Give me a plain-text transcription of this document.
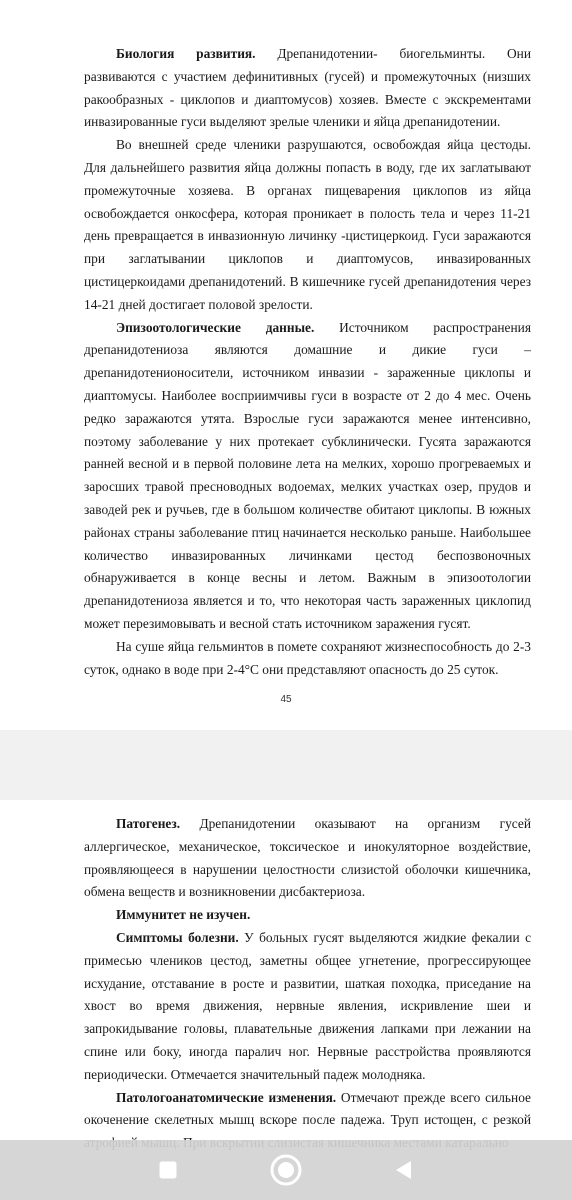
Биология развития. Дрепанидотении- биогельминты. Они развиваются с участием дефинитивных (гусей) и промежуточных (низших ракообразных - циклопов и диаптомусов) хозяев. Вместе с экскрементами инвазированные гуси выделяют зрелые членики и яйца дрепанидотении.

Во внешней среде членики разрушаются, освобождая яйца цестоды. Для дальнейшего развития яйца должны попасть в воду, где их заглатывают промежуточные хозяева. В органах пищеварения циклопов из яйца освобождается онкосфера, которая проникает в полость тела и через 11-21 день превращается в инвазионную личинку -цистицеркоид. Гуси заражаются при заглатывании циклопов и диаптомусов, инвазированных цистицеркоидами дрепанидотений. В кишечнике гусей дрепанидотения через 14-21 дней достигает половой зрелости.

Эпизоотологические данные. Источником распространения дрепанидотениоза являются домашние и дикие гуси – дрепанидотенионосители, источником инвазии - зараженные циклопы и диаптомусы. Наиболее восприимчивы гуси в возрасте от 2 до 4 мес. Очень редко заражаются утята. Взрослые гуси заражаются менее интенсивно, поэтому заболевание у них протекает субклинически. Гусята заражаются ранней весной и в первой половине лета на мелких, хорошо прогреваемых и заросших травой пресноводных водоемах, мелких участках озер, прудов и заводей рек и ручьев, где в большом количестве обитают циклопы. В южных районах страны заболевание птиц начинается несколько раньше. Наибольшее количество инвазированных личинками цестод беспозвоночных обнаруживается в конце весны и летом. Важным в эпизоотологии дрепанидотениоза является и то, что некоторая часть зараженных циклопид может перезимовывать и весной стать источником заражения гусят.

На суше яйца гельминтов в помете сохраняют жизнеспособность до 2-3 суток, однако в воде при 2-4°С они представляют опасность до 25 суток.

45

Патогенез. Дрепанидотении оказывают на организм гусей аллергическое, механическое, токсическое и инокуляторное воздействие, проявляющееся в нарушении целостности слизистой оболочки кишечника, обмена веществ и возникновении дисбактериоза.

Иммунитет не изучен.

Симптомы болезни. У больных гусят выделяются жидкие фекалии с примесью члеников цестод, заметны общее угнетение, прогрессирующее исхудание, отставание в росте и развитии, шаткая походка, приседание на хвост во время движения, нервные явления, искривление шеи и запрокидывание головы, плавательные движения лапками при лежании на спине или боку, иногда паралич ног. Нервные расстройства проявляются периодически. Отмечается значительный падеж молодняка.

Патологоанатомические изменения. Отмечают прежде всего сильное окоченение скелетных мышц вскоре после падежа. Труп истощен, с резкой
